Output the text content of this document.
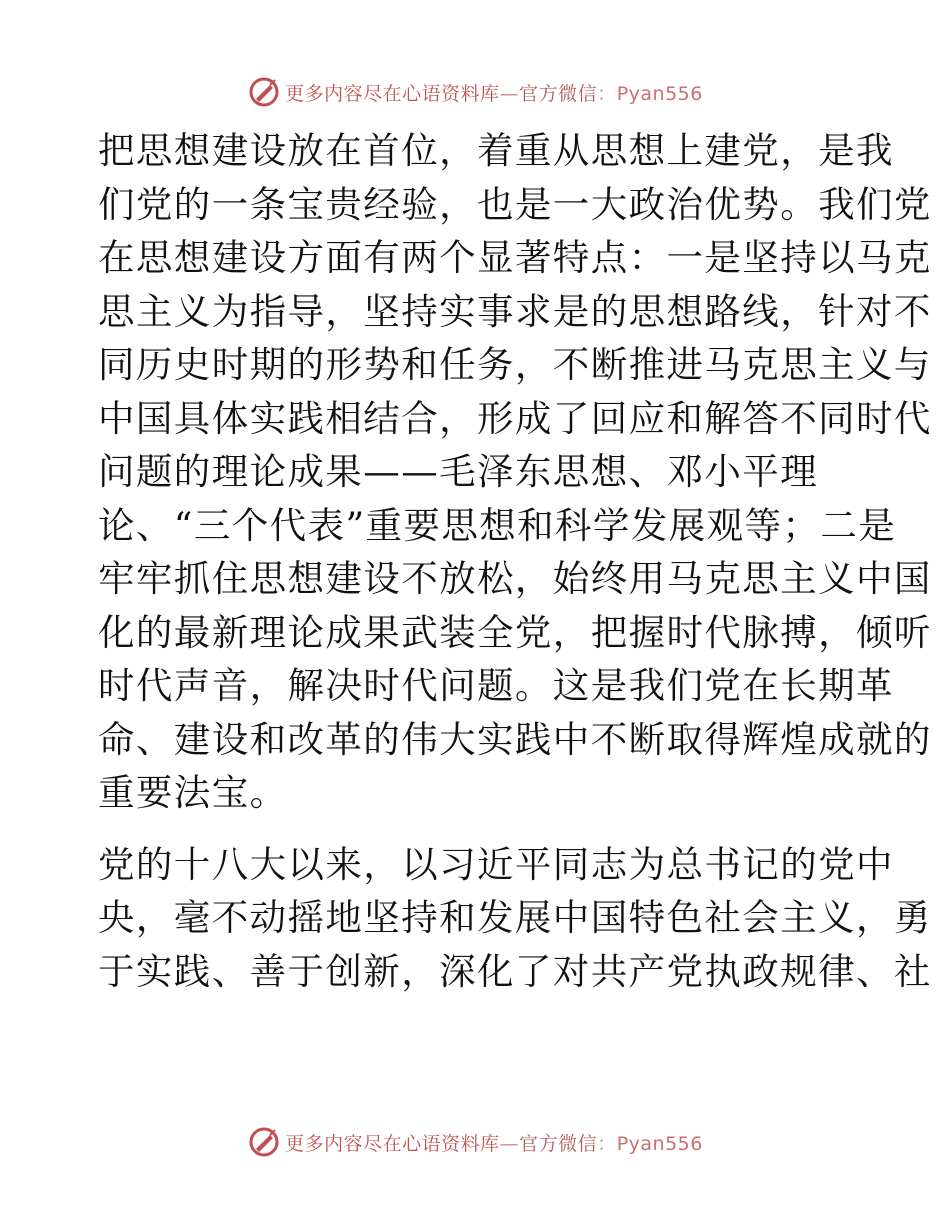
更多内容尽在心语资料库—官方微信：Pyan556

把思想建设放在首位，着重从思想上建党，是我
们党的一条宝贵经验，也是一大政治优势。我们党
在思想建设方面有两个显著特点：一是坚持以马克
思主义为指导，坚持实事求是的思想路线，针对不
同历史时期的形势和任务，不断推进马克思主义与
中国具体实践相结合，形成了回应和解答不同时代
问题的理论成果——毛泽东思想、邓小平理
论、“三个代表”重要思想和科学发展观等；二是
牢牢抓住思想建设不放松，始终用马克思主义中国
化的最新理论成果武装全党，把握时代脉搏，倾听
时代声音，解决时代问题。这是我们党在长期革
命、建设和改革的伟大实践中不断取得辉煌成就的
重要法宝。

党的十八大以来，以习近平同志为总书记的党中
央，毫不动摇地坚持和发展中国特色社会主义，勇
于实践、善于创新，深化了对共产党执政规律、社

更多内容尽在心语资料库—官方微信：Pyan556
